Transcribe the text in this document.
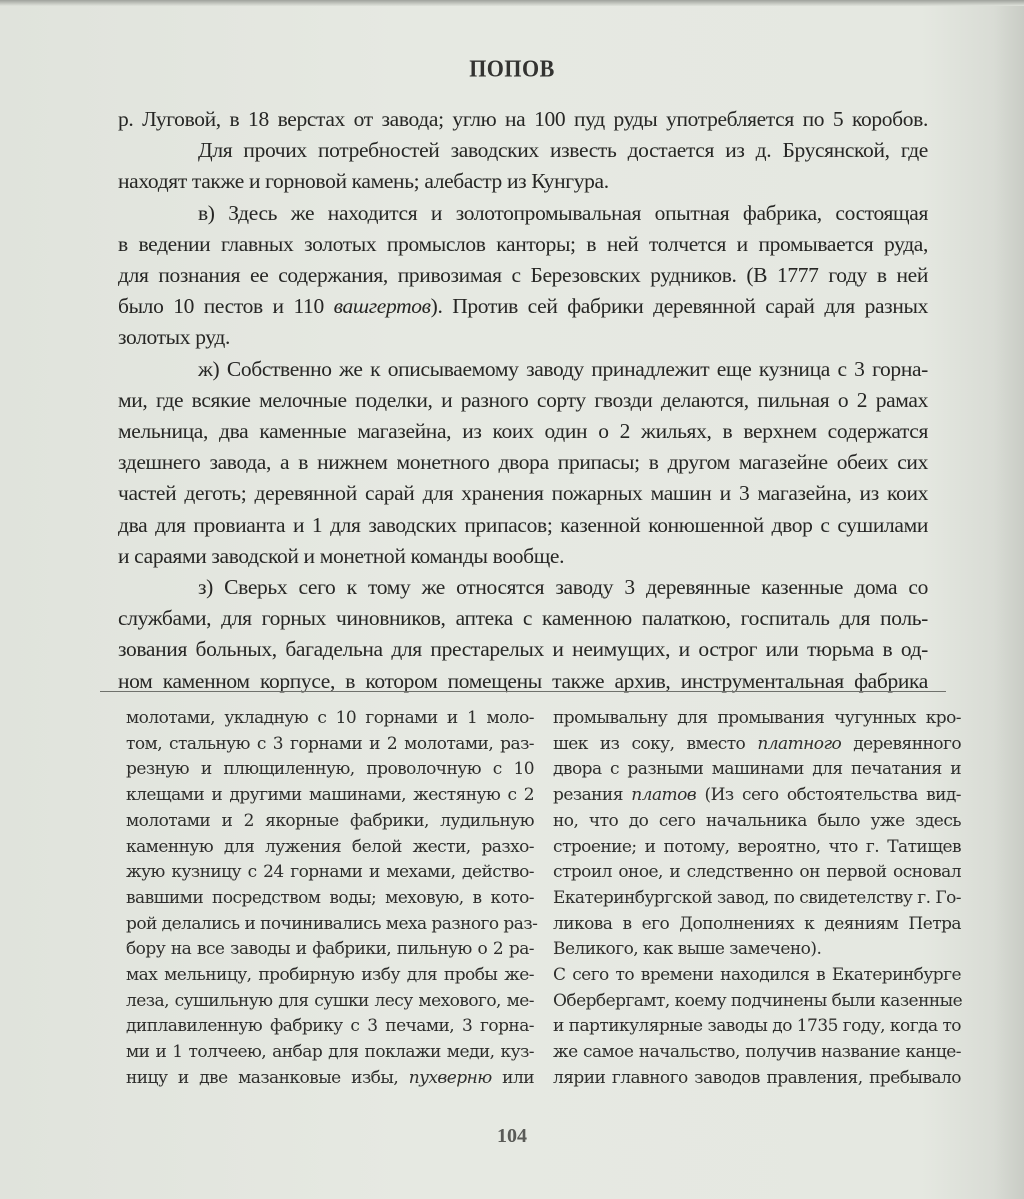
ПОПОВ
р. Луговой, в 18 верстах от завода; углю на 100 пуд руды употребляется по 5 коробов.
Для прочих потребностей заводских известь достается из д. Брусянской, где
находят также и горновой камень; алебастр из Кунгура.
в) Здесь же находится и золотопромывальная опытная фабрика, состоящая
в ведении главных золотых промыслов канторы; в ней толчется и промывается руда,
для познания ее содержания, привозимая с Березовских рудников. (В 1777 году в ней
было 10 пестов и 110 вашгертов). Против сей фабрики деревянной сарай для разных
золотых руд.
ж) Собственно же к описываемому заводу принадлежит еще кузница с 3 горна-
ми, где всякие мелочные поделки, и разного сорту гвозди делаются, пильная о 2 рамах
мельница, два каменные магазейна, из коих один о 2 жильях, в верхнем содержатся
здешнего завода, а в нижнем монетного двора припасы; в другом магазейне обеих сих
частей деготь; деревянной сарай для хранения пожарных машин и 3 магазейна, из коих
два для провианта и 1 для заводских припасов; казенной конюшенной двор с сушилами
и сараями заводской и монетной команды вообще.
з) Сверьх сего к тому же относятся заводу 3 деревянные казенные дома со
службами, для горных чиновников, аптека с каменною палаткою, госпиталь для поль-
зования больных, багадельна для престарелых и неимущих, и острог или тюрьма в од-
ном каменном корпусе, в котором помещены также архив, инструментальная фабрика
молотами, укладную с 10 горнами и 1 моло-
том, стальную с 3 горнами и 2 молотами, раз-
резную и плющиленную, проволочную с 10
клещами и другими машинами, жестяную с 2
молотами и 2 якорные фабрики, лудильную
каменную для лужения белой жести, разхо-
жую кузницу с 24 горнами и мехами, действо-
вавшими посредством воды; меховую, в кото-
рой делались и починивались меха разного раз-
бору на все заводы и фабрики, пильную о 2 ра-
мах мельницу, пробирную избу для пробы же-
леза, сушильную для сушки лесу мехового, ме-
диплавиленную фабрику с 3 печами, 3 горна-
ми и 1 толчеею, анбар для поклажи меди, куз-
ницу и две мазанковые избы, пухверню или
промывальну для промывания чугунных кро-
шек из соку, вместо платного деревянного
двора с разными машинами для печатания и
резания платов (Из сего обстоятельства вид-
но, что до сего начальника было уже здесь
строение; и потому, вероятно, что г. Татищев
строил оное, и следственно он первой основал
Екатеринбургской завод, по свидетелству г. Го-
ликова в его Дополнениях к деяниям Петра
Великого, как выше замечено).
С сего то времени находился в Екатеринбурге
Обербергамт, коему подчинены были казенные
и партикулярные заводы до 1735 году, когда то
же самое начальство, получив название канце-
лярии главного заводов правления, пребывало
104
